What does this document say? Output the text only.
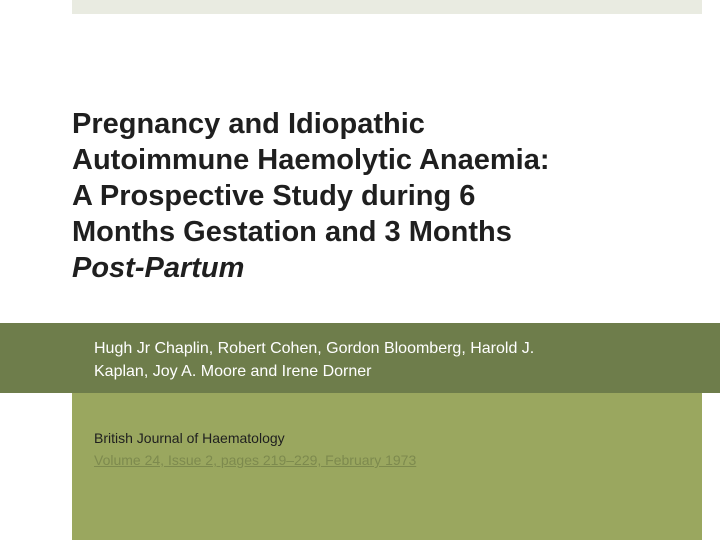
Pregnancy and Idiopathic
Autoimmune Haemolytic Anaemia:
A Prospective Study during 6
Months Gestation and 3 Months
Post-Partum

Hugh Jr Chaplin, Robert Cohen, Gordon Bloomberg, Harold J.
Kaplan, Joy A. Moore and Irene Dorner

British Journal of Haematology

Volume 24, Issue 2, pages 219–229, February 1973
